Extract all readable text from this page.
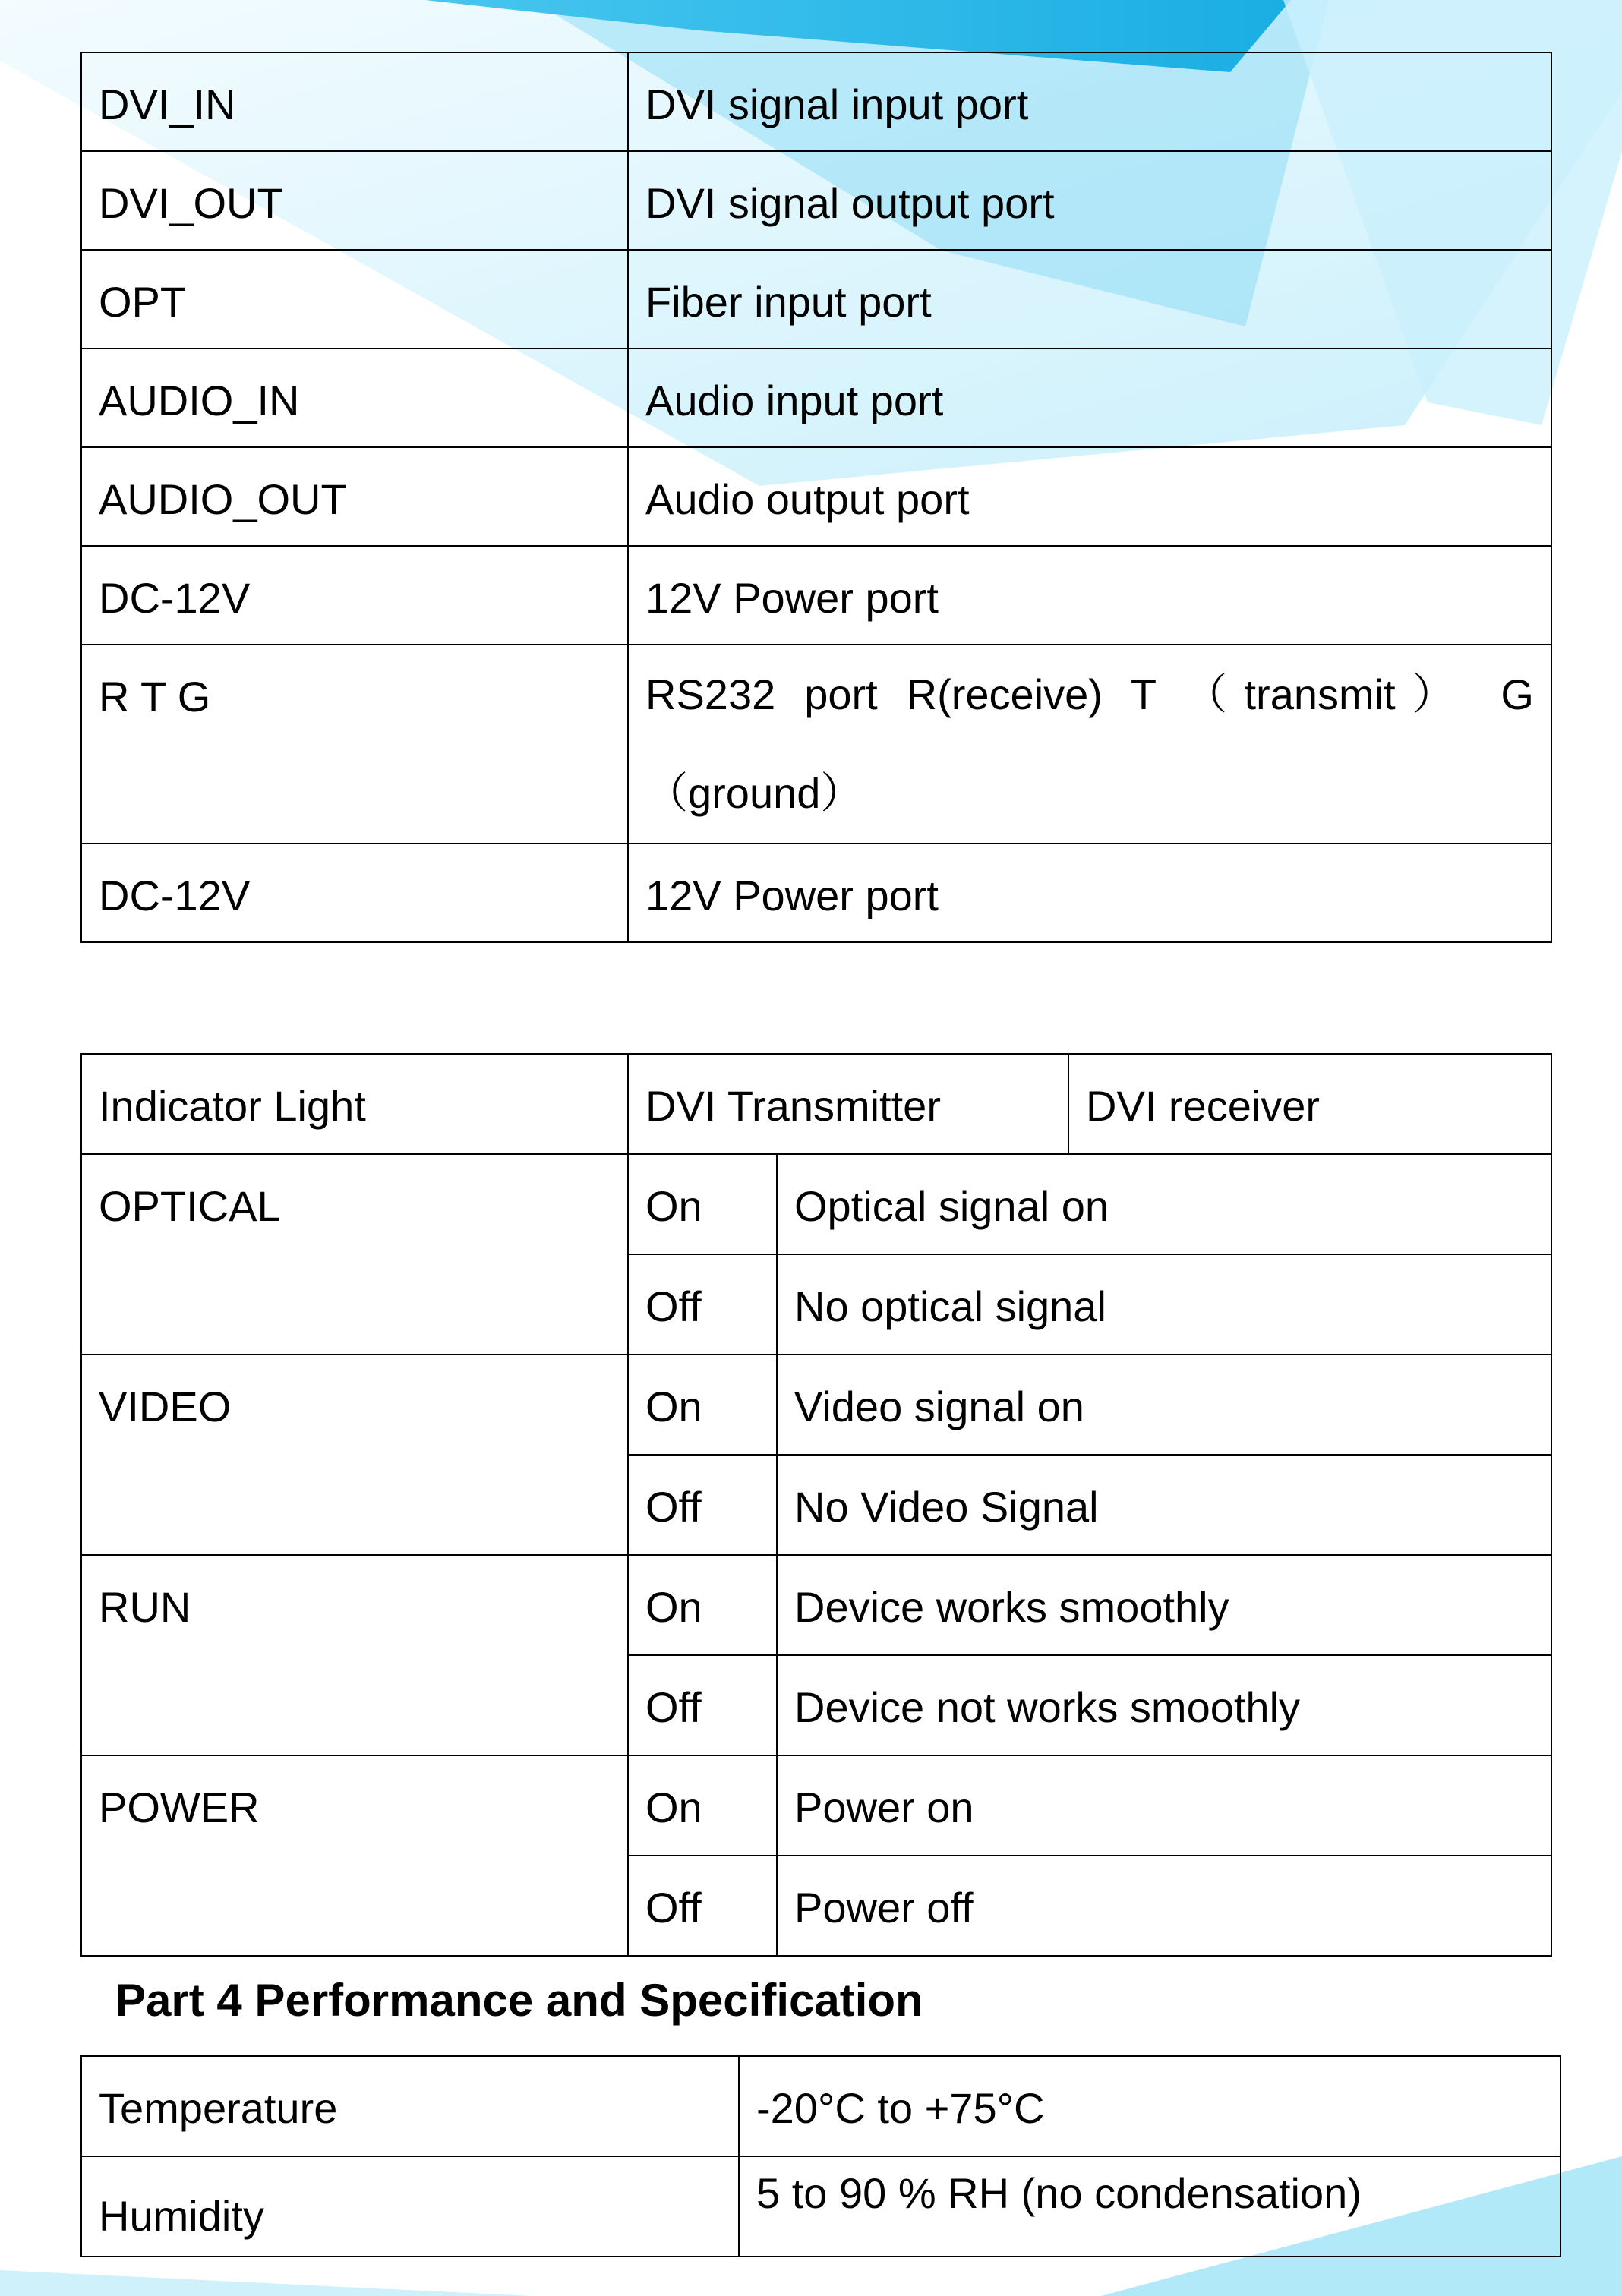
DVI_IN	DVI signal input port
DVI_OUT	DVI signal output port
OPT	Fiber input port
AUDIO_IN	Audio input port
AUDIO_OUT	Audio output port
DC-12V	12V Power port
R T G	RS232 port R(receive) T （transmit） G （ground）

DC-12V	12V Power port
Indicator Light	DVI Transmitter		DVI receiver
OPTICAL	On	Optical signal on	
	Off	No optical signal	
VIDEO	On	Video signal on	
	Off	No Video Signal	
RUN	On	Device works smoothly	
	Off	Device not works smoothly	
POWER	On	Power on	
	Off	Power off	
Part 4 Performance and Specification
Temperature	-20°C to +75°C
Humidity	5 to 90 % RH (no condensation)
